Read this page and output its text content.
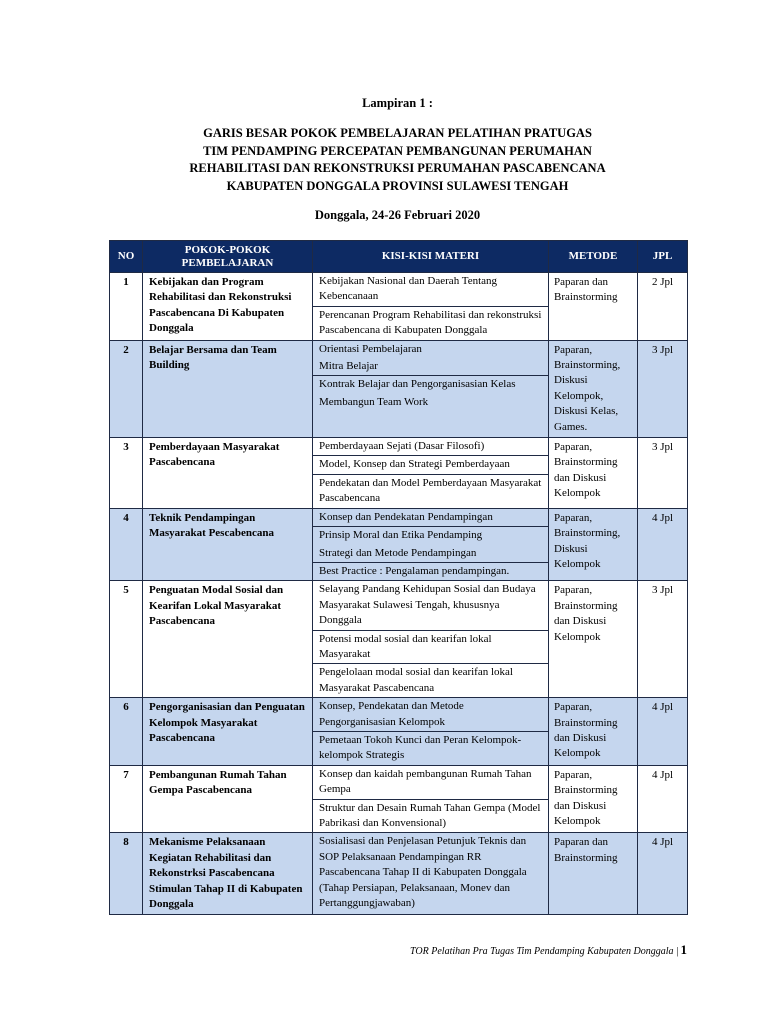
Lampiran 1 :
GARIS BESAR POKOK PEMBELAJARAN PELATIHAN PRATUGAS
TIM PENDAMPING PERCEPATAN PEMBANGUNAN PERUMAHAN
REHABILITASI DAN REKONSTRUKSI PERUMAHAN PASCABENCANA
KABUPATEN DONGGALA PROVINSI SULAWESI TENGAH
Donggala, 24-26 Februari 2020
NO	POKOK-POKOK PEMBELAJARAN	KISI-KISI MATERI	METODE	JPL
1	Kebijakan dan Program Rehabilitasi dan Rekonstruksi Pascabencana Di Kabupaten Donggala	Kebijakan Nasional dan Daerah Tentang Kebencanaan
Perencanan Program Rehabilitasi dan rekonstruksi Pascabencana di Kabupaten Donggala	Paparan dan Brainstorming	2 Jpl
2	Belajar Bersama dan Team Building	Orientasi Pembelajaran
Mitra Belajar
Kontrak Belajar dan Pengorganisasian Kelas
Membangun Team Work	Paparan, Brainstorming, Diskusi Kelompok, Diskusi Kelas, Games.	3 Jpl
3	Pemberdayaan Masyarakat Pascabencana	Pemberdayaan Sejati (Dasar Filosofi)
Model, Konsep dan Strategi Pemberdayaan
Pendekatan dan Model Pemberdayaan Masyarakat Pascabencana	Paparan, Brainstorming dan Diskusi Kelompok	3 Jpl
4	Teknik Pendampingan Masyarakat Pescabencana	Konsep dan Pendekatan Pendampingan
Prinsip Moral dan Etika Pendamping
Strategi dan Metode Pendampingan
Best Practice : Pengalaman pendampingan.	Paparan, Brainstorming, Diskusi Kelompok	4 Jpl
5	Penguatan Modal Sosial dan Kearifan Lokal Masyarakat Pascabencana	Selayang Pandang Kehidupan Sosial dan Budaya Masyarakat Sulawesi Tengah, khususnya Donggala
Potensi modal sosial dan kearifan lokal Masyarakat
Pengelolaan modal sosial dan kearifan lokal Masyarakat Pascabencana	Paparan, Brainstorming dan Diskusi Kelompok	3 Jpl
6	Pengorganisasian dan Penguatan Kelompok Masyarakat Pascabencana	Konsep, Pendekatan dan Metode Pengorganisasian Kelompok
Pemetaan Tokoh Kunci dan Peran Kelompok-kelompok Strategis	Paparan, Brainstorming dan Diskusi Kelompok	4 Jpl
7	Pembangunan Rumah Tahan Gempa Pascabencana	Konsep dan kaidah pembangunan Rumah Tahan Gempa
Struktur dan Desain Rumah Tahan Gempa (Model Pabrikasi dan Konvensional)	Paparan, Brainstorming dan Diskusi Kelompok	4 Jpl
8	Mekanisme Pelaksanaan Kegiatan Rehabilitasi dan Rekonstrksi Pascabencana Stimulan Tahap II di Kabupaten Donggala	Sosialisasi dan Penjelasan Petunjuk Teknis dan SOP Pelaksanaan Pendampingan RR Pascabencana Tahap II di Kabupaten Donggala (Tahap Persiapan, Pelaksanaan, Monev dan Pertanggungjawaban)	Paparan dan Brainstorming	4 Jpl
TOR Pelatihan Pra Tugas Tim Pendamping Kabupaten Donggala | 1
